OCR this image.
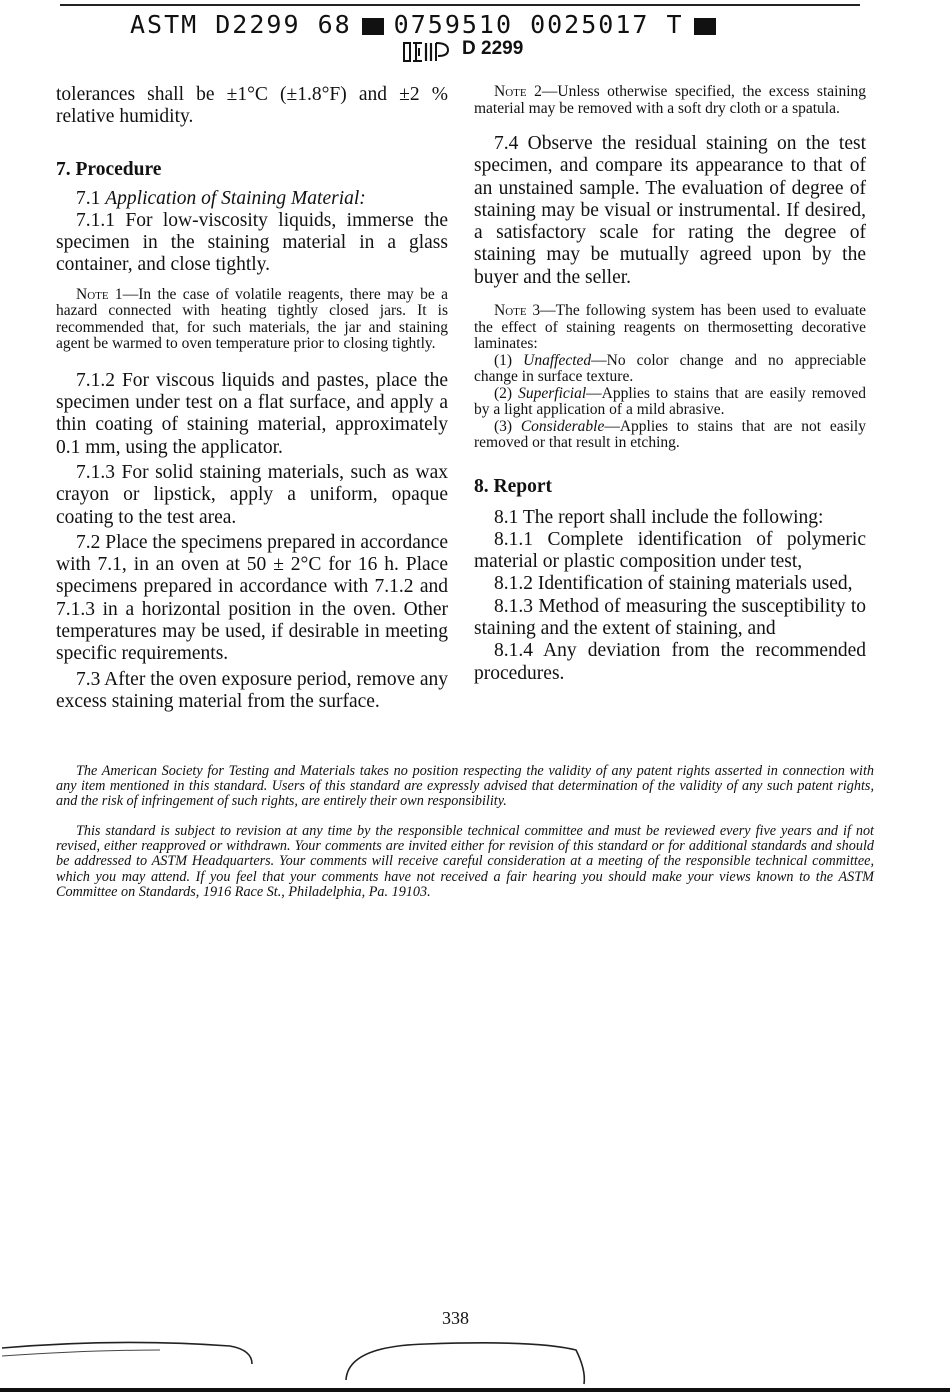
ASTM D2299 68 0759510 0025017 T
D 2299

tolerances shall be ±1°C (±1.8°F) and ±2 % relative humidity.

7. Procedure

7.1 Application of Staining Material:

7.1.1 For low-viscosity liquids, immerse the specimen in the staining material in a glass container, and close tightly.

Note 1—In the case of volatile reagents, there may be a hazard connected with heating tightly closed jars. It is recommended that, for such materials, the jar and staining agent be warmed to oven temperature prior to closing tightly.

7.1.2 For viscous liquids and pastes, place the specimen under test on a flat surface, and apply a thin coating of staining material, approximately 0.1 mm, using the applicator.

7.1.3 For solid staining materials, such as wax crayon or lipstick, apply a uniform, opaque coating to the test area.

7.2 Place the specimens prepared in accordance with 7.1, in an oven at 50 ± 2°C for 16 h. Place specimens prepared in accordance with 7.1.2 and 7.1.3 in a horizontal position in the oven. Other temperatures may be used, if desirable in meeting specific requirements.

7.3 After the oven exposure period, remove any excess staining material from the surface.

Note 2—Unless otherwise specified, the excess staining material may be removed with a soft dry cloth or a spatula.

7.4 Observe the residual staining on the test specimen, and compare its appearance to that of an unstained sample. The evaluation of degree of staining may be visual or instrumental. If desired, a satisfactory scale for rating the degree of staining may be mutually agreed upon by the buyer and the seller.

Note 3—The following system has been used to evaluate the effect of staining reagents on thermosetting decorative laminates:

(1) Unaffected—No color change and no appreciable change in surface texture.

(2) Superficial—Applies to stains that are easily removed by a light application of a mild abrasive.

(3) Considerable—Applies to stains that are not easily removed or that result in etching.

8. Report

8.1 The report shall include the following:

8.1.1 Complete identification of polymeric material or plastic composition under test,

8.1.2 Identification of staining materials used,

8.1.3 Method of measuring the susceptibility to staining and the extent of staining, and

8.1.4 Any deviation from the recommended procedures.

The American Society for Testing and Materials takes no position respecting the validity of any patent rights asserted in connection with any item mentioned in this standard. Users of this standard are expressly advised that determination of the validity of any such patent rights, and the risk of infringement of such rights, are entirely their own responsibility.

This standard is subject to revision at any time by the responsible technical committee and must be reviewed every five years and if not revised, either reapproved or withdrawn. Your comments are invited either for revision of this standard or for additional standards and should be addressed to ASTM Headquarters. Your comments will receive careful consideration at a meeting of the responsible technical committee, which you may attend. If you feel that your comments have not received a fair hearing you should make your views known to the ASTM Committee on Standards, 1916 Race St., Philadelphia, Pa. 19103.

338
